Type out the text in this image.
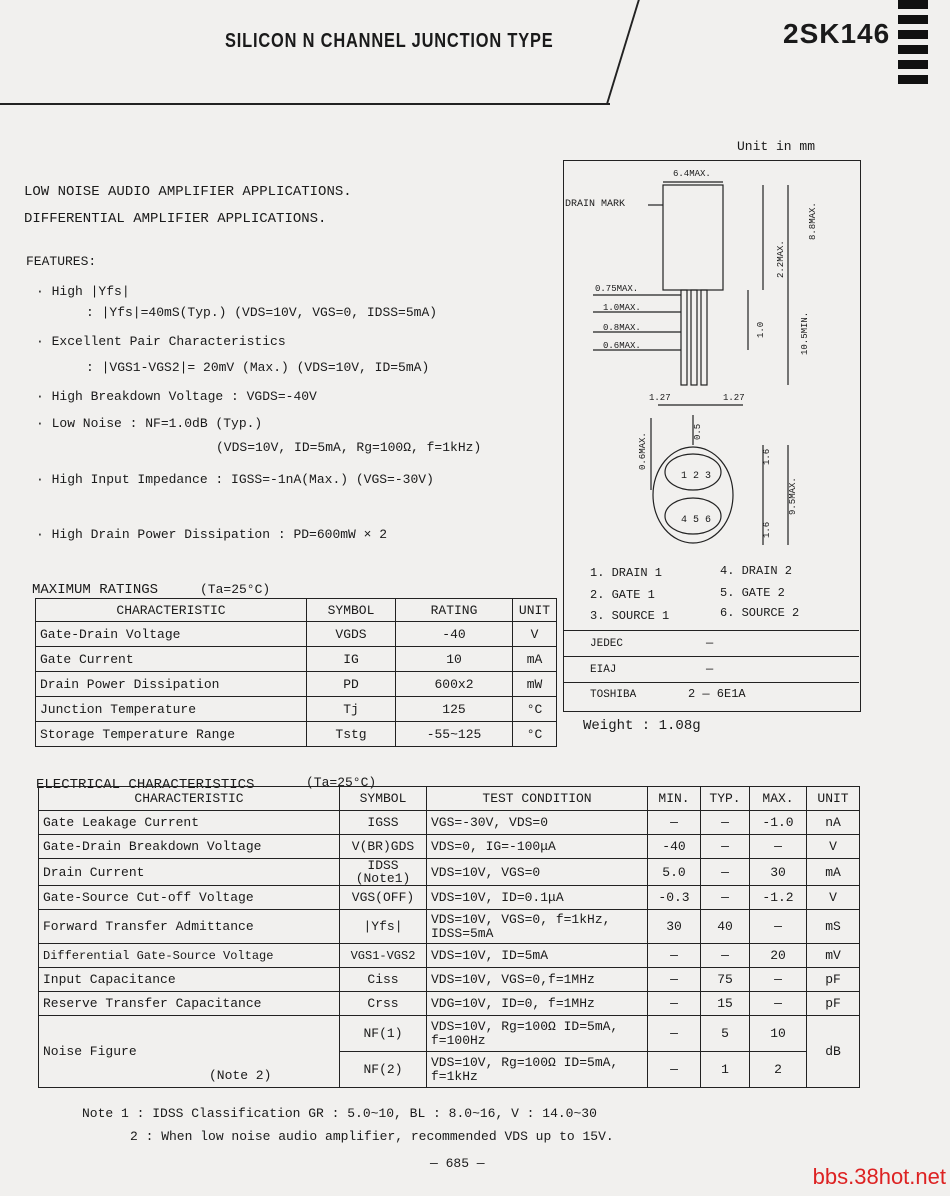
SILICON N CHANNEL JUNCTION TYPE	2SK146
LOW NOISE AUDIO AMPLIFIER APPLICATIONS.
DIFFERENTIAL AMPLIFIER APPLICATIONS.
FEATURES:
· High |Yfs|
: |Yfs|=40mS(Typ.) (VDS=10V, VGS=0, IDSS=5mA)
· Excellent Pair Characteristics
: |VGS1-VGS2|= 20mV (Max.) (VDS=10V, ID=5mA)
· High Breakdown Voltage : VGDS=-40V
· Low Noise : NF=1.0dB (Typ.)
(VDS=10V, ID=5mA, Rg=100Ω, f=1kHz)
· High Input Impedance : IGSS=-1nA(Max.) (VGS=-30V)
· High Drain Power Dissipation : PD=600mW × 2
Unit in mm
6.4MAX.
DRAIN MARK
0.75MAX.
1.0MAX.
0.8MAX.
0.6MAX.
1.27	1.27
1 2 3
4 5 6
8.8MAX.
2.2MAX.
10.5MIN.
1.0
0.5
0.6MAX.	1.6
9.5MAX.
1.6
1. DRAIN 1	4. DRAIN 2
2. GATE 1	5. GATE 2
3. SOURCE 1	6. SOURCE 2
JEDEC	—
EIAJ	—
TOSHIBA	2 — 6E1A
Weight : 1.08g
MAXIMUM RATINGS	(Ta=25°C)
CHARACTERISTIC	SYMBOL	RATING	UNIT
Gate-Drain Voltage	VGDS	-40	V
Gate Current	IG	10	mA
Drain Power Dissipation	PD	600x2	mW
Junction Temperature	Tj	125	°C
Storage Temperature Range	Tstg	-55~125	°C
ELECTRICAL CHARACTERISTICS	(Ta=25°C)
CHARACTERISTIC	SYMBOL	TEST CONDITION	MIN.	TYP.	MAX.	UNIT
Gate Leakage Current	IGSS	VGS=-30V, VDS=0	—	—	-1.0	nA
Gate-Drain Breakdown Voltage	V(BR)GDS	VDS=0, IG=-100μA	-40	—	—	V
Drain Current	IDSS (Note1)	VDS=10V, VGS=0	5.0	—	30	mA
Gate-Source Cut-off Voltage	VGS(OFF)	VDS=10V, ID=0.1μA	-0.3	—	-1.2	V
Forward Transfer Admittance	|Yfs|	VDS=10V, VGS=0, f=1kHz, IDSS=5mA	30	40	—	mS
Differential Gate-Source Voltage	VGS1-VGS2	VDS=10V, ID=5mA	—	—	20	mV
Input Capacitance	Ciss	VDS=10V, VGS=0,f=1MHz	—	75	—	pF
Reserve Transfer Capacitance	Crss	VDG=10V, ID=0, f=1MHz	—	15	—	pF
Noise Figure
(Note 2)	NF(1)	VDS=10V, Rg=100Ω ID=5mA, f=100Hz	—	5	10	dB
	NF(2)	VDS=10V, Rg=100Ω ID=5mA, f=1kHz	—	1	2	
Note 1 : IDSS Classification GR : 5.0~10, BL : 8.0~16, V : 14.0~30
2 : When low noise audio amplifier, recommended VDS up to 15V.
— 685 —
bbs.38hot.net
